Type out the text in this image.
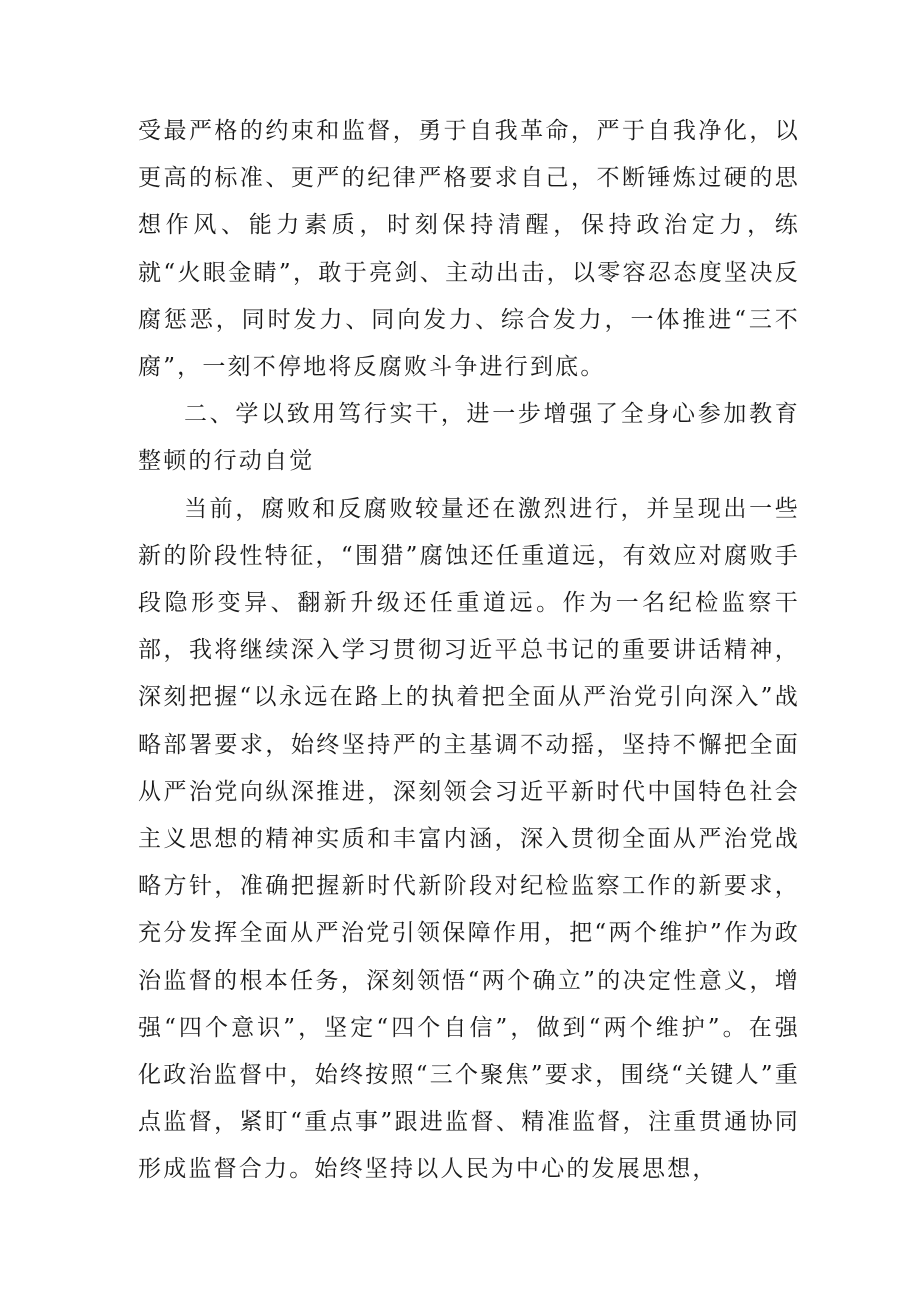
受最严格的约束和监督，勇于自我革命，严于自我净化，以更高的标准、更严的纪律严格要求自己，不断锤炼过硬的思想作风、能力素质，时刻保持清醒，保持政治定力，练就“火眼金睛”，敢于亮剑、主动出击，以零容忍态度坚决反腐惩恶，同时发力、同向发力、综合发力，一体推进“三不腐”，一刻不停地将反腐败斗争进行到底。

二、学以致用笃行实干，进一步增强了全身心参加教育整顿的行动自觉

当前，腐败和反腐败较量还在激烈进行，并呈现出一些新的阶段性特征，“围猎”腐蚀还任重道远，有效应对腐败手段隐形变异、翻新升级还任重道远。作为一名纪检监察干部，我将继续深入学习贯彻习近平总书记的重要讲话精神，深刻把握“以永远在路上的执着把全面从严治党引向深入”战略部署要求，始终坚持严的主基调不动摇，坚持不懈把全面从严治党向纵深推进，深刻领会习近平新时代中国特色社会主义思想的精神实质和丰富内涵，深入贯彻全面从严治党战略方针，准确把握新时代新阶段对纪检监察工作的新要求，充分发挥全面从严治党引领保障作用，把“两个维护”作为政治监督的根本任务，深刻领悟“两个确立”的决定性意义，增强“四个意识”，坚定“四个自信”，做到“两个维护”。在强化政治监督中，始终按照“三个聚焦”要求，围绕“关键人”重点监督，紧盯“重点事”跟进监督、精准监督，注重贯通协同形成监督合力。始终坚持以人民为中心的发展思想，
